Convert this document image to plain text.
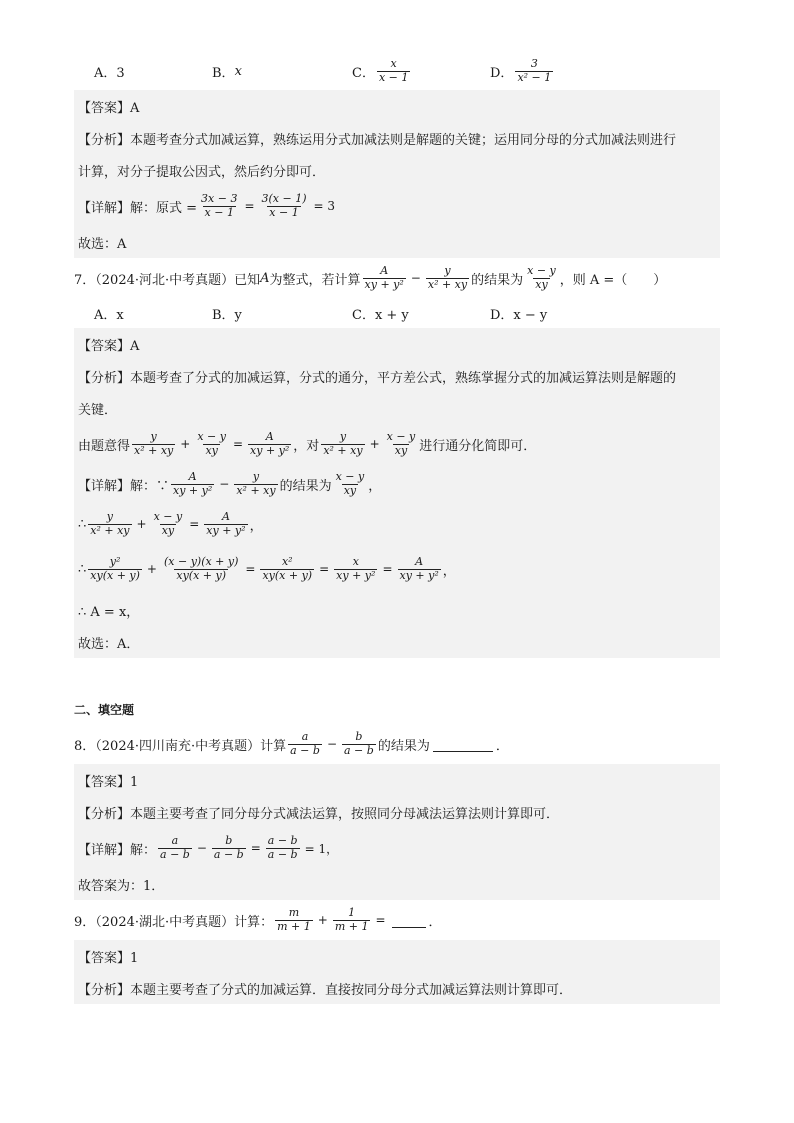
A．3	B． x	C． $\frac{x}{x - 1}$	D． $\frac{3}{\text{x² − 1}}$
【答案】A
【分析】本题考查分式加减运算，熟练运用分式加减法则是解题的关键；运用同分母的分式加减法则进行
计算，对分子提取公因式，然后约分即可．
【详解】解：原式 = $\frac{3x - 3}{x - 1} = \frac{3(x - 1)}{x - 1} = 3$
故选：A
7．（2024·河北·中考真题）已知 A 为整式，若计算 $\frac{A}{\text{xy + y²}} - \frac{y}{\text{x² + xy}}$ 的结果为 $\frac{x - y}{xy}$ ，则 A =（　　）
A．x	B．y	C．x + y	D．x − y
【答案】A
【分析】本题考查了分式的加减运算，分式的通分，平方差公式，熟练掌握分式的加减运算法则是解题的
关键．
由题意得 $\frac{y}{\text{x² + xy}} + \frac{x - y}{xy} = \frac{A}{\text{xy + y²}}$ ，对 $\frac{y}{\text{x² + xy}} + \frac{x - y}{xy}$ 进行通分化简即可．
【详解】解：∵ $\frac{A}{\text{xy + y²}} - \frac{y}{\text{x² + xy}}$ 的结果为 $\frac{x - y}{xy}$ ，
∴ $\frac{y}{\text{x² + xy}} + \frac{x - y}{xy} = \frac{A}{\text{xy + y²}}$ ，
∴ $\frac{\text{y²}}{xy(x + y)} + \frac{(x - y)(x + y)}{xy(x + y)} = \frac{\text{x²}}{xy(x + y)} = \frac{x}{\text{xy + y²}} = \frac{A}{\text{xy + y²}}$ ，
∴ A = x，
故选：A．
二、填空题
8．（2024·四川南充·中考真题）计算 $\frac{a}{a - b} - \frac{b}{a - b}$ 的结果为	．
【答案】1
【分析】本题主要考查了同分母分式减法运算，按照同分母减法运算法则计算即可．
【详解】解： $\frac{a}{a - b} - \frac{b}{a - b} = \frac{a - b}{a - b} = 1$，
故答案为：1．
9．（2024·湖北·中考真题）计算： $\frac{m}{m + 1} + \frac{1}{m + 1}$ =	．
【答案】1
【分析】本题主要考查了分式的加减运算．直接按同分母分式加减运算法则计算即可．
